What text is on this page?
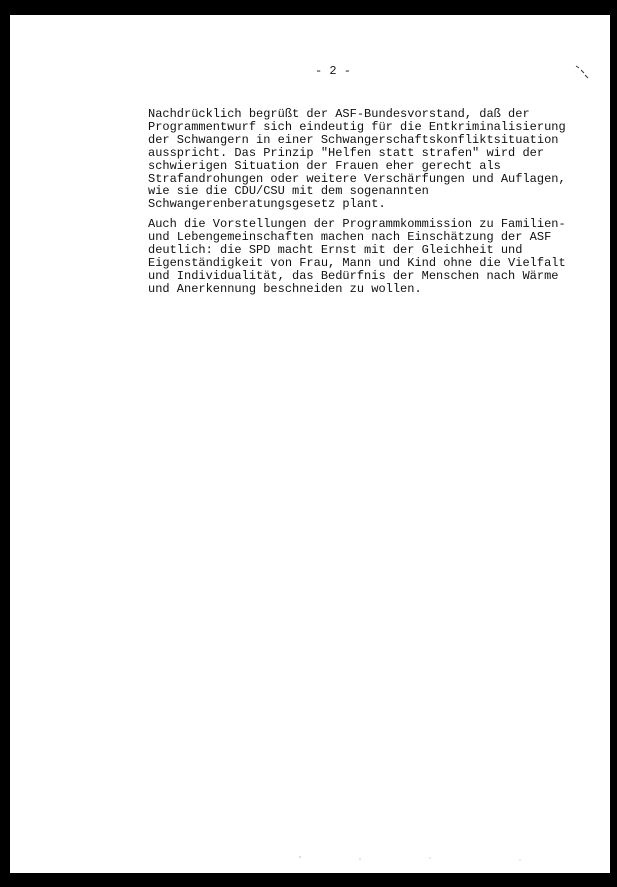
- 2 -
Nachdrücklich begrüßt der ASF-Bundesvorstand, daß der
Programmentwurf sich eindeutig für die Entkriminalisierung
der Schwangern in einer Schwangerschaftskonfliktsituation
ausspricht. Das Prinzip "Helfen statt strafen" wird der
schwierigen Situation der Frauen eher gerecht als
Strafandrohungen oder weitere Verschärfungen und Auflagen,
wie sie die CDU/CSU mit dem sogenannten
Schwangerenberatungsgesetz plant.
Auch die Vorstellungen der Programmkommission zu Familien-
und Lebengemeinschaften machen nach Einschätzung der ASF
deutlich: die SPD macht Ernst mit der Gleichheit und
Eigenständigkeit von Frau, Mann und Kind ohne die Vielfalt
und Individualität, das Bedürfnis der Menschen nach Wärme
und Anerkennung beschneiden zu wollen.
